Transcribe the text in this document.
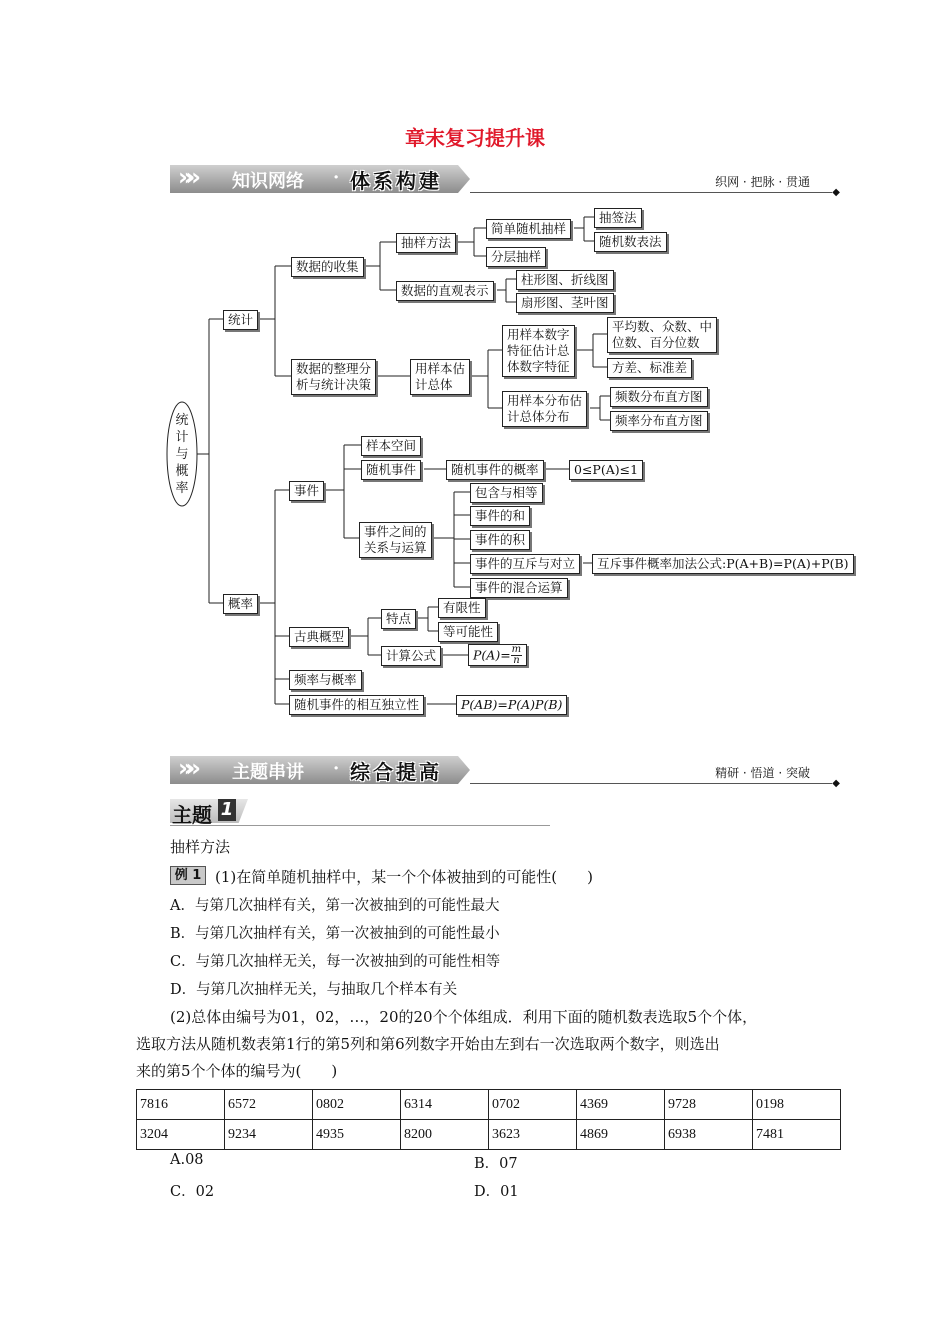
章末复习提升课
»» 知识网络 · 体系构建	织网 · 把脉 · 贯通
◆
统计与概率
统计
数据的收集
抽样方法
简单随机抽样
抽签法
随机数表法
分层抽样
数据的直观表示
柱形图、折线图
扇形图、茎叶图
数据的整理分
析与统计决策
用样本估
计总体
用样本数字
特征估计总
体数字特征
平均数、众数、中
位数、百分位数
方差、标准差
用样本分布估
计总体分布
频数分布直方图
频率分布直方图
概率
事件
样本空间
随机事件	随机事件的概率	0≤P(A)≤1
事件之间的
关系与运算
包含与相等
事件的和
事件的积
事件的互斥与对立	互斥事件概率加法公式:P(A+B)=P(A)+P(B)
事件的混合运算
古典概型
特点
有限性
等可能性
计算公式	$P(A)= \frac{m}{n}$
频率与概率
随机事件的相互独立性	P(AB)=P(A)P(B)
»» 主题串讲 · 综合提高	精研 · 悟道 · 突破
◆
主题 1
抽样方法
例 1 (1)在简单随机抽样中，某一个个体被抽到的可能性(　　)
A．与第几次抽样有关，第一次被抽到的可能性最大
B．与第几次抽样有关，第一次被抽到的可能性最小
C．与第几次抽样无关，每一次被抽到的可能性相等
D．与第几次抽样无关，与抽取几个样本有关
(2)总体由编号为01，02，…，20的20个个体组成．利用下面的随机数表选取5个个体，
选取方法从随机数表第1行的第5列和第6列数字开始由左到右一次选取两个数字，则选出
来的第5个个体的编号为(　　)
7816	6572	0802	6314	0702	4369	9728	0198
3204	9234	4935	8200	3623	4869	6938	7481
A.08	B．07
C．02	D．01
